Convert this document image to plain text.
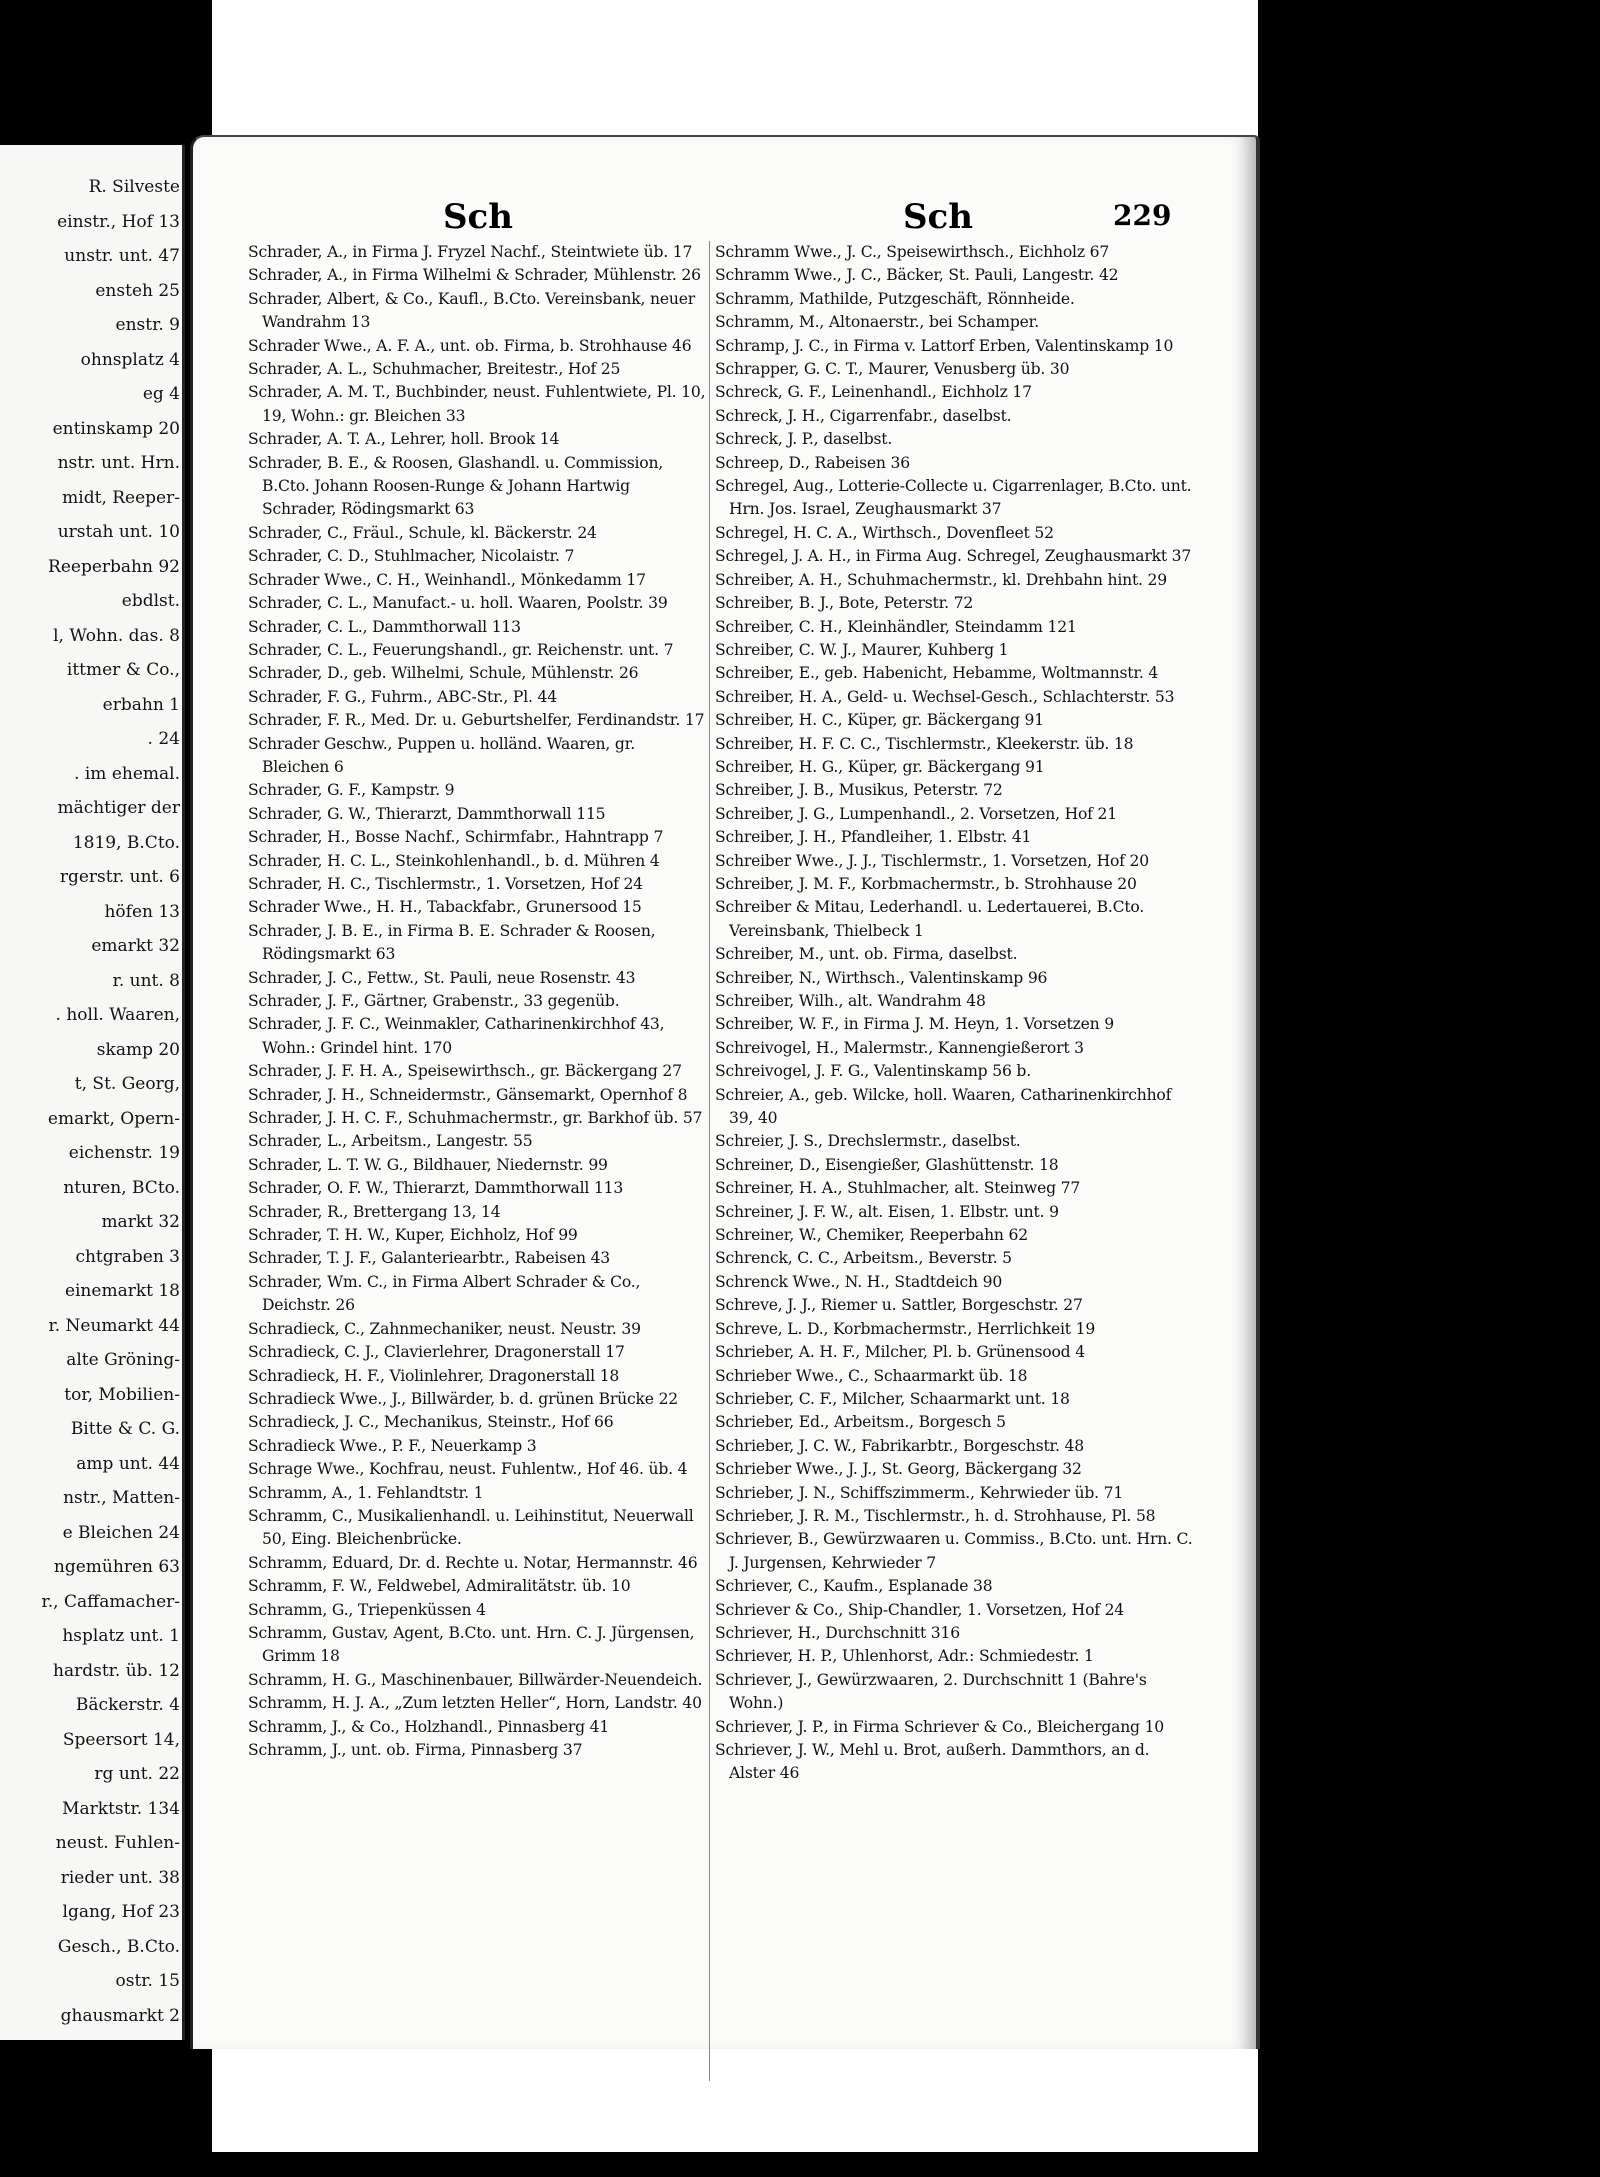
R. Silveste
einstr., Hof 13
unstr. unt. 47
ensteh 25
enstr. 9
ohnsplatz 4
eg 4
entinskamp 20
nstr. unt. Hrn.
midt, Reeper-
urstah unt. 10
Reeperbahn 92
ebdlst.
l, Wohn. das. 8
ittmer & Co.,
erbahn 1
. 24
. im ehemal.
mächtiger der
1819, B.Cto.
rgerstr. unt. 6
höfen 13
emarkt 32
r. unt. 8
. holl. Waaren,
skamp 20
t, St. Georg,
emarkt, Opern-
eichenstr. 19
nturen, BCto.
markt 32
chtgraben 3
einemarkt 18
r. Neumarkt 44
alte Gröning-
tor, Mobilien-
Bitte & C. G.
amp unt. 44
nstr., Matten-
e Bleichen 24
ngemühren 63
r., Caffamacher-
hsplatz unt. 1
hardstr. üb. 12
Bäckerstr. 4
Speersort 14,
rg unt. 22
Marktstr. 134
neust. Fuhlen-
rieder unt. 38
lgang, Hof 23
Gesch., B.Cto.
ostr. 15
ghausmarkt 2
Sch	Sch	229

Schrader, A., in Firma J. Fryzel Nachf., Steintwiete üb. 17

Schrader, A., in Firma Wilhelmi & Schrader, Mühlenstr. 26

Schrader, Albert, & Co., Kaufl., B.Cto. Vereinsbank, neuer Wandrahm 13

Schrader Wwe., A. F. A., unt. ob. Firma, b. Strohhause 46

Schrader, A. L., Schuhmacher, Breitestr., Hof 25

Schrader, A. M. T., Buchbinder, neust. Fuhlentwiete, Pl. 10, 19, Wohn.: gr. Bleichen 33

Schrader, A. T. A., Lehrer, holl. Brook 14

Schrader, B. E., & Roosen, Glashandl. u. Commission, B.Cto. Johann Roosen-Runge & Johann Hartwig Schrader, Rödingsmarkt 63

Schrader, C., Fräul., Schule, kl. Bäckerstr. 24

Schrader, C. D., Stuhlmacher, Nicolaistr. 7

Schrader Wwe., C. H., Weinhandl., Mönkedamm 17

Schrader, C. L., Manufact.- u. holl. Waaren, Poolstr. 39

Schrader, C. L., Dammthorwall 113

Schrader, C. L., Feuerungshandl., gr. Reichenstr. unt. 7

Schrader, D., geb. Wilhelmi, Schule, Mühlenstr. 26

Schrader, F. G., Fuhrm., ABC-Str., Pl. 44

Schrader, F. R., Med. Dr. u. Geburtshelfer, Ferdinandstr. 17

Schrader Geschw., Puppen u. holländ. Waaren, gr. Bleichen 6

Schrader, G. F., Kampstr. 9

Schrader, G. W., Thierarzt, Dammthorwall 115

Schrader, H., Bosse Nachf., Schirmfabr., Hahntrapp 7

Schrader, H. C. L., Steinkohlenhandl., b. d. Mühren 4

Schrader, H. C., Tischlermstr., 1. Vorsetzen, Hof 24

Schrader Wwe., H. H., Tabackfabr., Grunersood 15

Schrader, J. B. E., in Firma B. E. Schrader & Roosen, Rödingsmarkt 63

Schrader, J. C., Fettw., St. Pauli, neue Rosenstr. 43

Schrader, J. F., Gärtner, Grabenstr., 33 gegenüb.

Schrader, J. F. C., Weinmakler, Catharinenkirchhof 43, Wohn.: Grindel hint. 170

Schrader, J. F. H. A., Speisewirthsch., gr. Bäckergang 27

Schrader, J. H., Schneidermstr., Gänsemarkt, Opernhof 8

Schrader, J. H. C. F., Schuhmachermstr., gr. Barkhof üb. 57

Schrader, L., Arbeitsm., Langestr. 55

Schrader, L. T. W. G., Bildhauer, Niedernstr. 99

Schrader, O. F. W., Thierarzt, Dammthorwall 113

Schrader, R., Brettergang 13, 14

Schrader, T. H. W., Kuper, Eichholz, Hof 99

Schrader, T. J. F., Galanteriearbtr., Rabeisen 43

Schrader, Wm. C., in Firma Albert Schrader & Co., Deichstr. 26

Schradieck, C., Zahnmechaniker, neust. Neustr. 39

Schradieck, C. J., Clavierlehrer, Dragonerstall 17

Schradieck, H. F., Violinlehrer, Dragonerstall 18

Schradieck Wwe., J., Billwärder, b. d. grünen Brücke 22

Schradieck, J. C., Mechanikus, Steinstr., Hof 66

Schradieck Wwe., P. F., Neuerkamp 3

Schrage Wwe., Kochfrau, neust. Fuhlentw., Hof 46. üb. 4

Schramm, A., 1. Fehlandtstr. 1

Schramm, C., Musikalienhandl. u. Leihinstitut, Neuerwall 50, Eing. Bleichenbrücke.

Schramm, Eduard, Dr. d. Rechte u. Notar, Hermannstr. 46

Schramm, F. W., Feldwebel, Admiralitätstr. üb. 10

Schramm, G., Triepenküssen 4

Schramm, Gustav, Agent, B.Cto. unt. Hrn. C. J. Jürgensen, Grimm 18

Schramm, H. G., Maschinenbauer, Billwärder-Neuendeich.

Schramm, H. J. A., „Zum letzten Heller“, Horn, Landstr. 40

Schramm, J., & Co., Holzhandl., Pinnasberg 41

Schramm, J., unt. ob. Firma, Pinnasberg 37

Schramm Wwe., J. C., Speisewirthsch., Eichholz 67

Schramm Wwe., J. C., Bäcker, St. Pauli, Langestr. 42

Schramm, Mathilde, Putzgeschäft, Rönnheide.

Schramm, M., Altonaerstr., bei Schamper.

Schramp, J. C., in Firma v. Lattorf Erben, Valentinskamp 10

Schrapper, G. C. T., Maurer, Venusberg üb. 30

Schreck, G. F., Leinenhandl., Eichholz 17

Schreck, J. H., Cigarrenfabr., daselbst.

Schreck, J. P., daselbst.

Schreep, D., Rabeisen 36

Schregel, Aug., Lotterie-Collecte u. Cigarrenlager, B.Cto. unt. Hrn. Jos. Israel, Zeughausmarkt 37

Schregel, H. C. A., Wirthsch., Dovenfleet 52

Schregel, J. A. H., in Firma Aug. Schregel, Zeughausmarkt 37

Schreiber, A. H., Schuhmachermstr., kl. Drehbahn hint. 29

Schreiber, B. J., Bote, Peterstr. 72

Schreiber, C. H., Kleinhändler, Steindamm 121

Schreiber, C. W. J., Maurer, Kuhberg 1

Schreiber, E., geb. Habenicht, Hebamme, Woltmannstr. 4

Schreiber, H. A., Geld- u. Wechsel-Gesch., Schlachterstr. 53

Schreiber, H. C., Küper, gr. Bäckergang 91

Schreiber, H. F. C. C., Tischlermstr., Kleekerstr. üb. 18

Schreiber, H. G., Küper, gr. Bäckergang 91

Schreiber, J. B., Musikus, Peterstr. 72

Schreiber, J. G., Lumpenhandl., 2. Vorsetzen, Hof 21

Schreiber, J. H., Pfandleiher, 1. Elbstr. 41

Schreiber Wwe., J. J., Tischlermstr., 1. Vorsetzen, Hof 20

Schreiber, J. M. F., Korbmachermstr., b. Strohhause 20

Schreiber & Mitau, Lederhandl. u. Ledertauerei, B.Cto. Vereinsbank, Thielbeck 1

Schreiber, M., unt. ob. Firma, daselbst.

Schreiber, N., Wirthsch., Valentinskamp 96

Schreiber, Wilh., alt. Wandrahm 48

Schreiber, W. F., in Firma J. M. Heyn, 1. Vorsetzen 9

Schreivogel, H., Malermstr., Kannengießerort 3

Schreivogel, J. F. G., Valentinskamp 56 b.

Schreier, A., geb. Wilcke, holl. Waaren, Catharinenkirchhof 39, 40

Schreier, J. S., Drechslermstr., daselbst.

Schreiner, D., Eisengießer, Glashüttenstr. 18

Schreiner, H. A., Stuhlmacher, alt. Steinweg 77

Schreiner, J. F. W., alt. Eisen, 1. Elbstr. unt. 9

Schreiner, W., Chemiker, Reeperbahn 62

Schrenck, C. C., Arbeitsm., Beverstr. 5

Schrenck Wwe., N. H., Stadtdeich 90

Schreve, J. J., Riemer u. Sattler, Borgeschstr. 27

Schreve, L. D., Korbmachermstr., Herrlichkeit 19

Schrieber, A. H. F., Milcher, Pl. b. Grünensood 4

Schrieber Wwe., C., Schaarmarkt üb. 18

Schrieber, C. F., Milcher, Schaarmarkt unt. 18

Schrieber, Ed., Arbeitsm., Borgesch 5

Schrieber, J. C. W., Fabrikarbtr., Borgeschstr. 48

Schrieber Wwe., J. J., St. Georg, Bäckergang 32

Schrieber, J. N., Schiffszimmerm., Kehrwieder üb. 71

Schrieber, J. R. M., Tischlermstr., h. d. Strohhause, Pl. 58

Schriever, B., Gewürzwaaren u. Commiss., B.Cto. unt. Hrn. C. J. Jurgensen, Kehrwieder 7

Schriever, C., Kaufm., Esplanade 38

Schriever & Co., Ship-Chandler, 1. Vorsetzen, Hof 24

Schriever, H., Durchschnitt 316

Schriever, H. P., Uhlenhorst, Adr.: Schmiedestr. 1

Schriever, J., Gewürzwaaren, 2. Durchschnitt 1 (Bahre's Wohn.)

Schriever, J. P., in Firma Schriever & Co., Bleichergang 10

Schriever, J. W., Mehl u. Brot, außerh. Dammthors, an d. Alster 46
